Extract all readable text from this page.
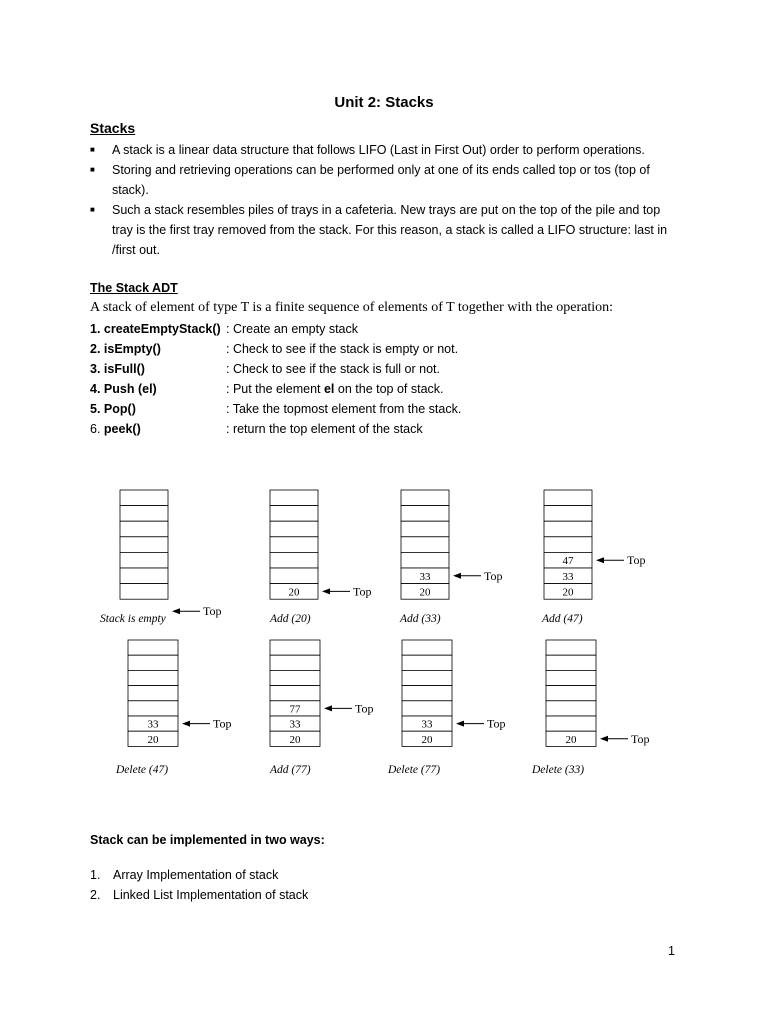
Unit 2: Stacks
Stacks
■ A stack is a linear data structure that follows LIFO (Last in First Out) order to perform operations.
■ Storing and retrieving operations can be performed only at one of its ends called top or tos (top of
stack).
■ Such a stack resembles piles of trays in a cafeteria. New trays are put on the top of the pile and top
tray is the first tray removed from the stack. For this reason, a stack is called a LIFO structure: last in
/first out.
The Stack ADT
A stack of element of type T is a finite sequence of elements of T together with the operation:
1. createEmptyStack() : Create an empty stack
2. isEmpty()	: Check to see if the stack is empty or not.
3. isFull()	: Check to see if the stack is full or not.
4. Push (el)	: Put the element el on the top of stack.
5. Pop()	: Take the topmost element from the stack.
6. peek()	: return the top element of the stack
Top
Stack is empty
20	Top
Add (20)
20
33	Top
Add (33)
20
33
47	Top
Add (47)
20
33	Top
Delete (47)
20
33
77	Top
Add (77)
20
33	Top
Delete (77)
20	Top
Delete (33)
Stack can be implemented in two ways:
1. Array Implementation of stack
2. Linked List Implementation of stack
1
